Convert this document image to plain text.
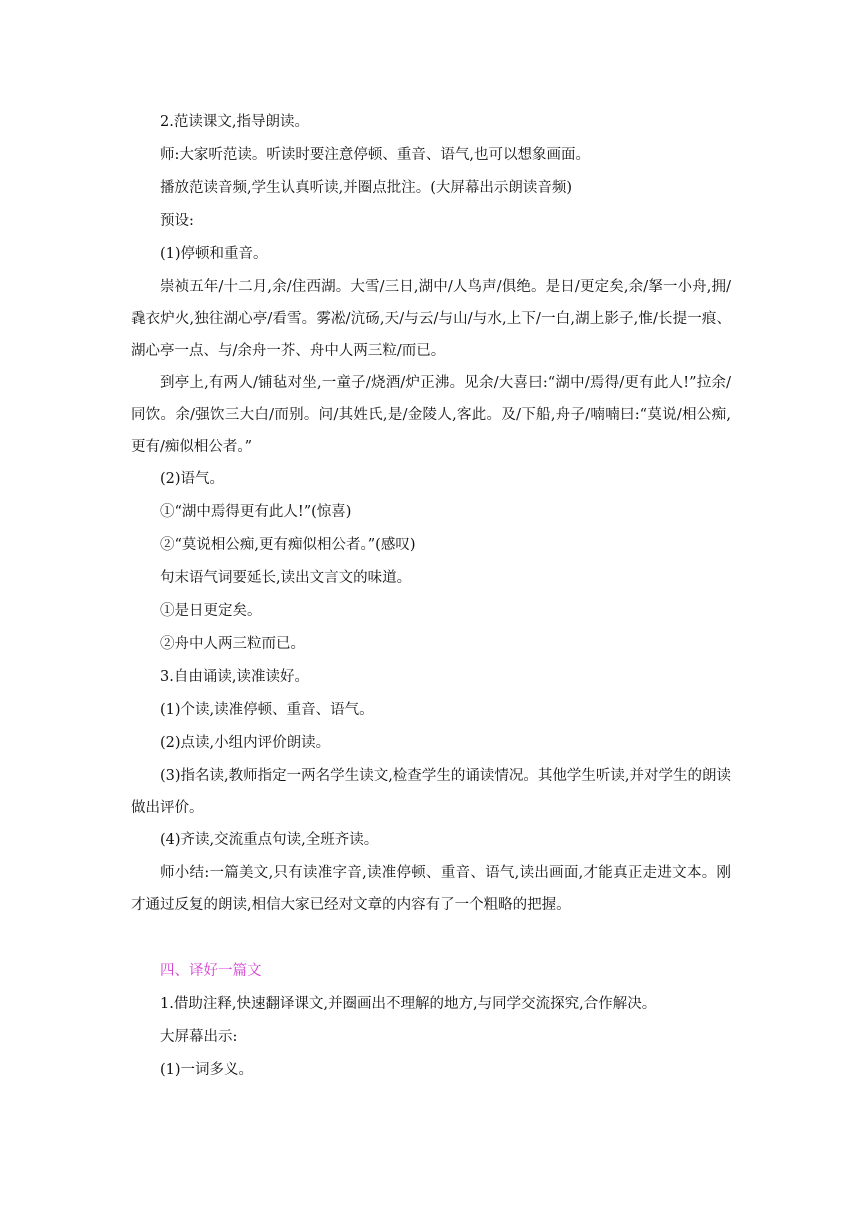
2.范读课文,指导朗读。

师:大家听范读。听读时要注意停顿、重音、语气,也可以想象画面。

播放范读音频,学生认真听读,并圈点批注。(大屏幕出示朗读音频)

预设:

(1)停顿和重音。

崇祯五年/十二月,余/住西湖。大雪/三日,湖中/人鸟声/俱绝。是日/更定矣,余/拏一小舟,拥/毳衣炉火,独往湖心亭/看雪。雾凇/沆砀,天/与云/与山/与水,上下/一白,湖上影子,惟/长提一痕、湖心亭一点、与/余舟一芥、舟中人两三粒/而已。

到亭上,有两人/铺毡对坐,一童子/烧酒/炉正沸。见余/大喜曰:“湖中/焉得/更有此人!”拉余/同饮。余/强饮三大白/而别。问/其姓氏,是/金陵人,客此。及/下船,舟子/喃喃曰:“莫说/相公痴,更有/痴似相公者。”

(2)语气。

①“湖中焉得更有此人!”(惊喜)

②“莫说相公痴,更有痴似相公者。”(感叹)

句末语气词要延长,读出文言文的味道。

①是日更定矣。

②舟中人两三粒而已。

3.自由诵读,读准读好。

(1)个读,读准停顿、重音、语气。

(2)点读,小组内评价朗读。

(3)指名读,教师指定一两名学生读文,检查学生的诵读情况。其他学生听读,并对学生的朗读做出评价。

(4)齐读,交流重点句读,全班齐读。

师小结:一篇美文,只有读准字音,读准停顿、重音、语气,读出画面,才能真正走进文本。刚才通过反复的朗读,相信大家已经对文章的内容有了一个粗略的把握。

四、译好一篇文

1.借助注释,快速翻译课文,并圈画出不理解的地方,与同学交流探究,合作解决。

大屏幕出示:

(1)一词多义。
